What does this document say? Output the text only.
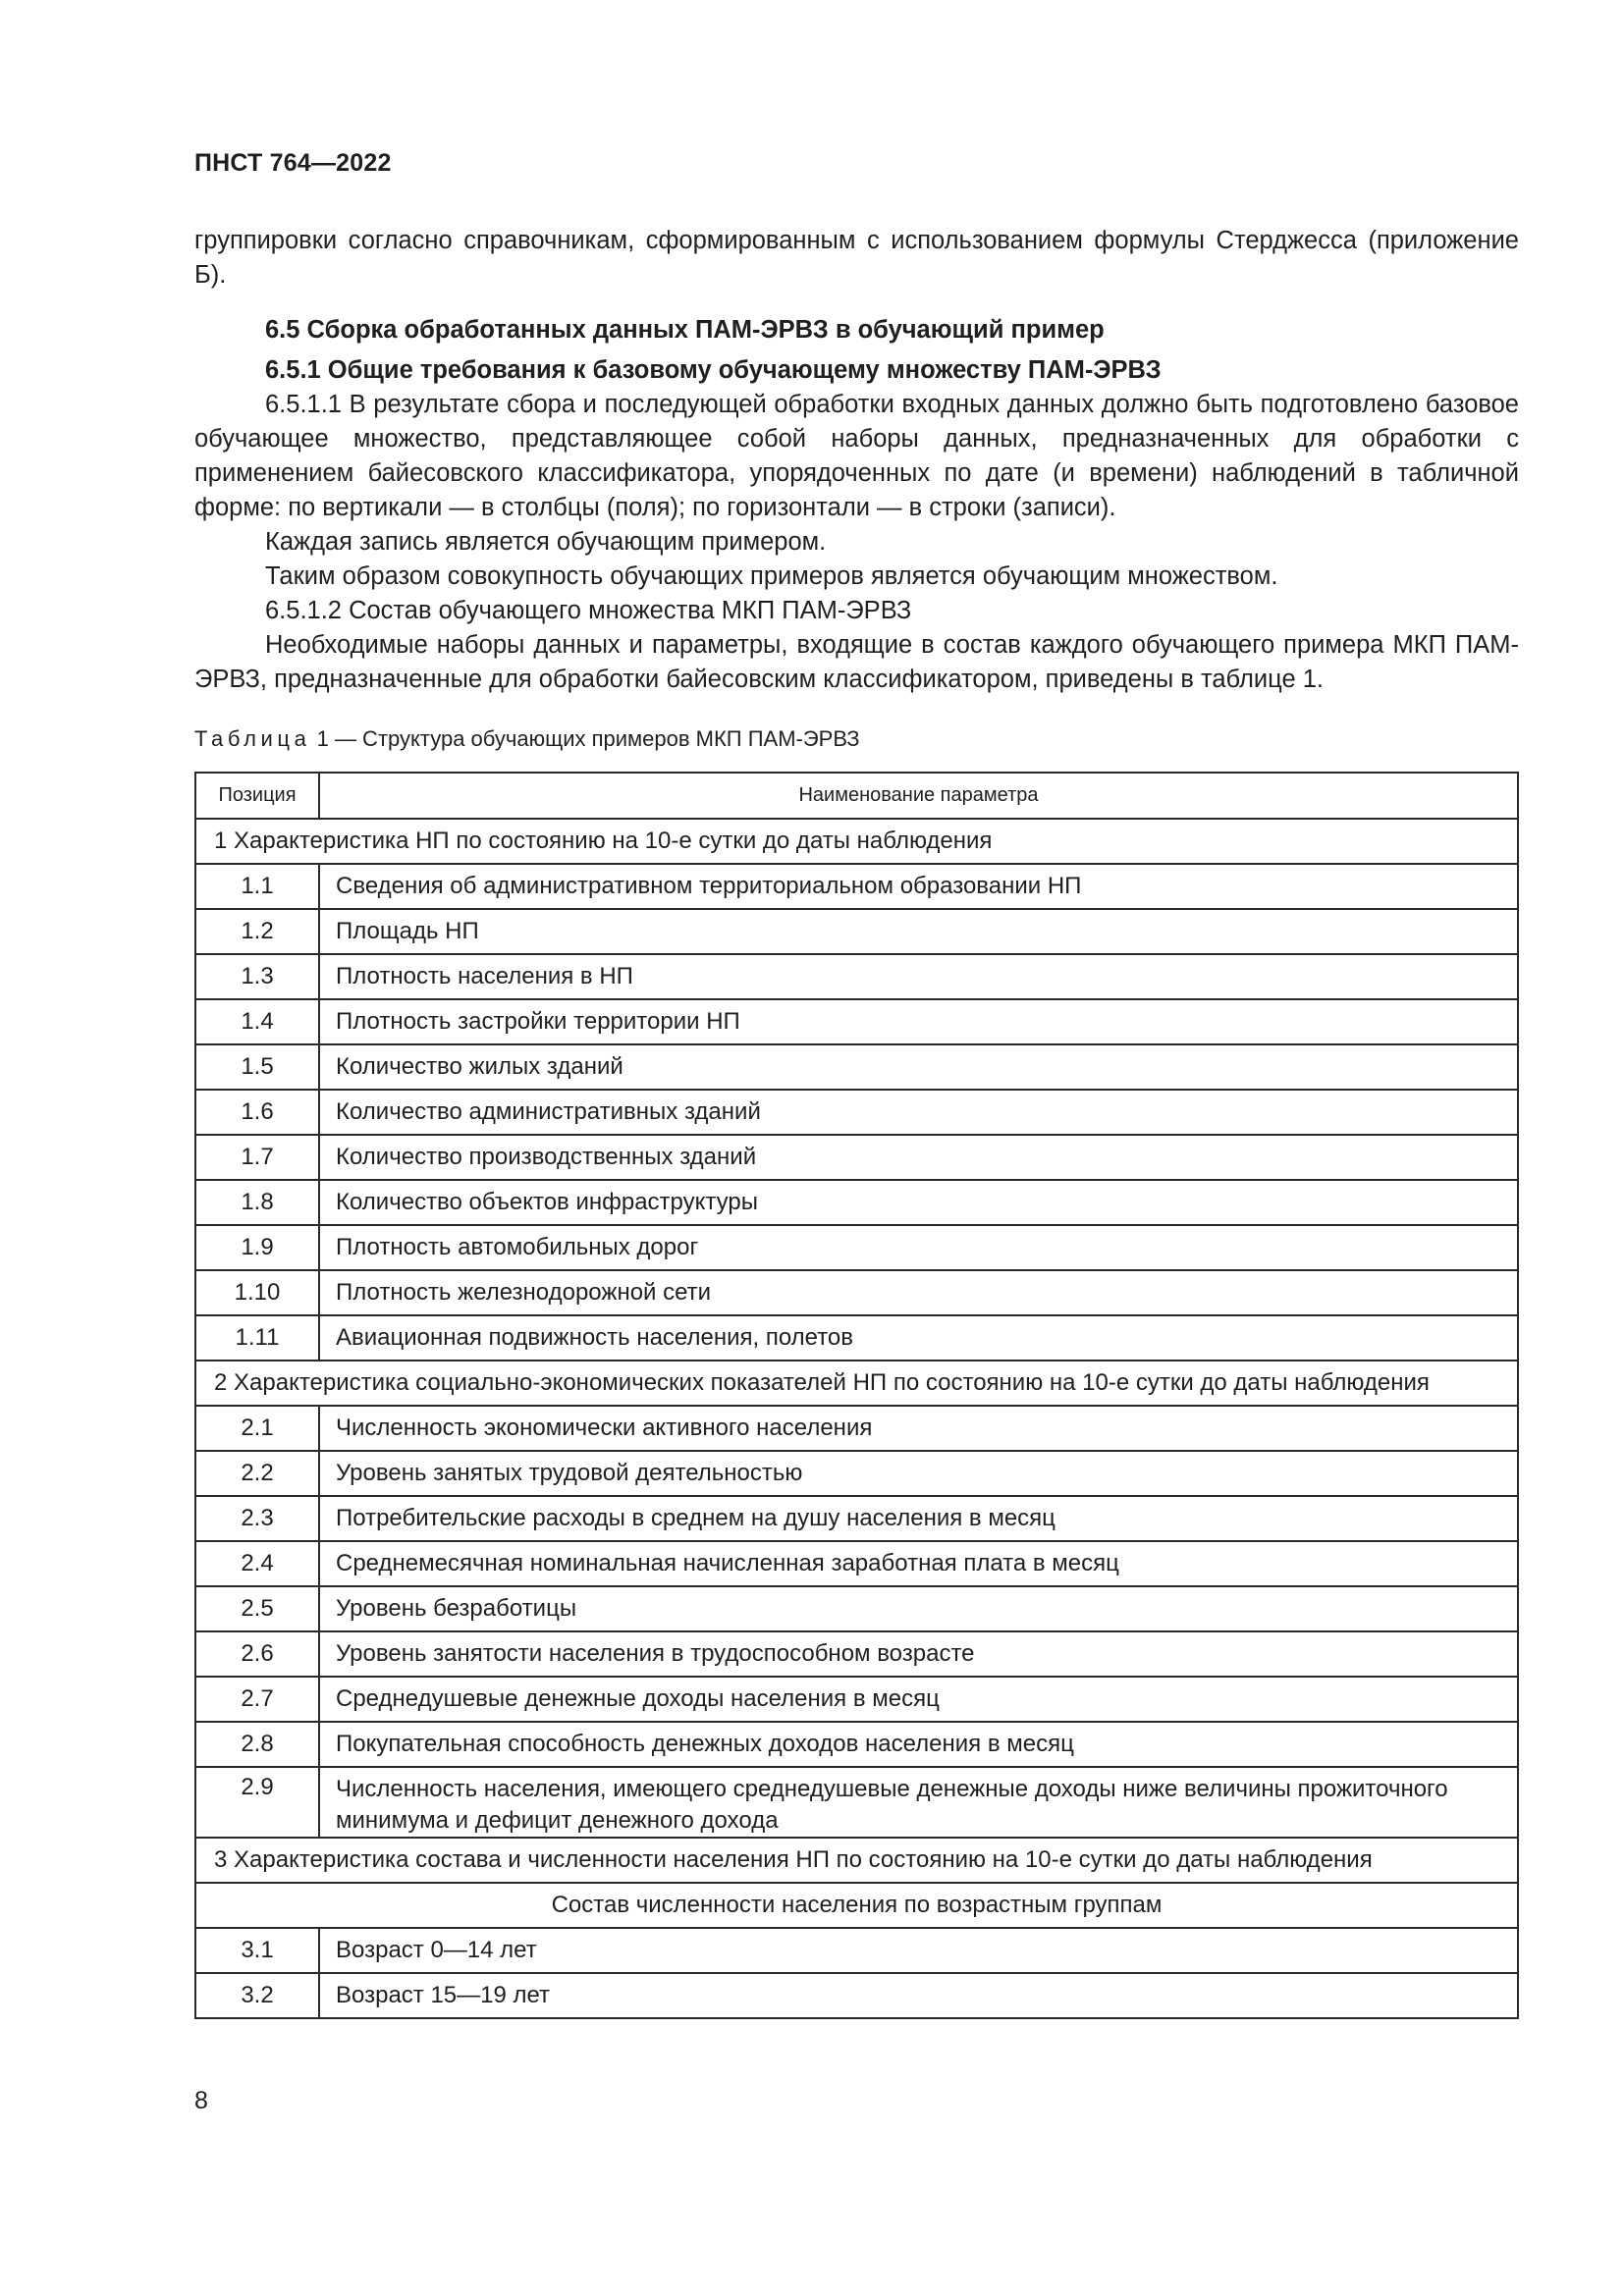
ПНСТ 764—2022

группировки согласно справочникам, сформированным с использованием формулы Стерджесса (приложение Б).

6.5 Сборка обработанных данных ПАМ-ЭРВЗ в обучающий пример

6.5.1 Общие требования к базовому обучающему множеству ПАМ-ЭРВЗ

6.5.1.1 В результате сбора и последующей обработки входных данных должно быть подготовлено базовое обучающее множество, представляющее собой наборы данных, предназначенных для обработки с применением байесовского классификатора, упорядоченных по дате (и времени) наблюдений в табличной форме: по вертикали — в столбцы (поля); по горизонтали — в строки (записи).

Каждая запись является обучающим примером.

Таким образом совокупность обучающих примеров является обучающим множеством.

6.5.1.2 Состав обучающего множества МКП ПАМ-ЭРВЗ

Необходимые наборы данных и параметры, входящие в состав каждого обучающего примера МКП ПАМ-ЭРВЗ, предназначенные для обработки байесовским классификатором, приведены в таблице 1.

Таблица 1 — Структура обучающих примеров МКП ПАМ-ЭРВЗ
Позиция	Наименование параметра
1 Характеристика НП по состоянию на 10-е сутки до даты наблюдения	
1.1	Сведения об административном территориальном образовании НП
1.2	Площадь НП
1.3	Плотность населения в НП
1.4	Плотность застройки территории НП
1.5	Количество жилых зданий
1.6	Количество административных зданий
1.7	Количество производственных зданий
1.8	Количество объектов инфраструктуры
1.9	Плотность автомобильных дорог
1.10	Плотность железнодорожной сети
1.11	Авиационная подвижность населения, полетов
2 Характеристика социально-экономических показателей НП по состоянию на 10-е сутки до даты наблюдения	
2.1	Численность экономически активного населения
2.2	Уровень занятых трудовой деятельностью
2.3	Потребительские расходы в среднем на душу населения в месяц
2.4	Среднемесячная номинальная начисленная заработная плата в месяц
2.5	Уровень безработицы
2.6	Уровень занятости населения в трудоспособном возрасте
2.7	Среднедушевые денежные доходы населения в месяц
2.8	Покупательная способность денежных доходов населения в месяц
2.9	Численность населения, имеющего среднедушевые денежные доходы ниже величины прожиточного минимума и дефицит денежного дохода
3 Характеристика состава и численности населения НП по состоянию на 10-е сутки до даты наблюдения	
Состав численности населения по возрастным группам	
3.1	Возраст 0—14 лет
3.2	Возраст 15—19 лет
8
